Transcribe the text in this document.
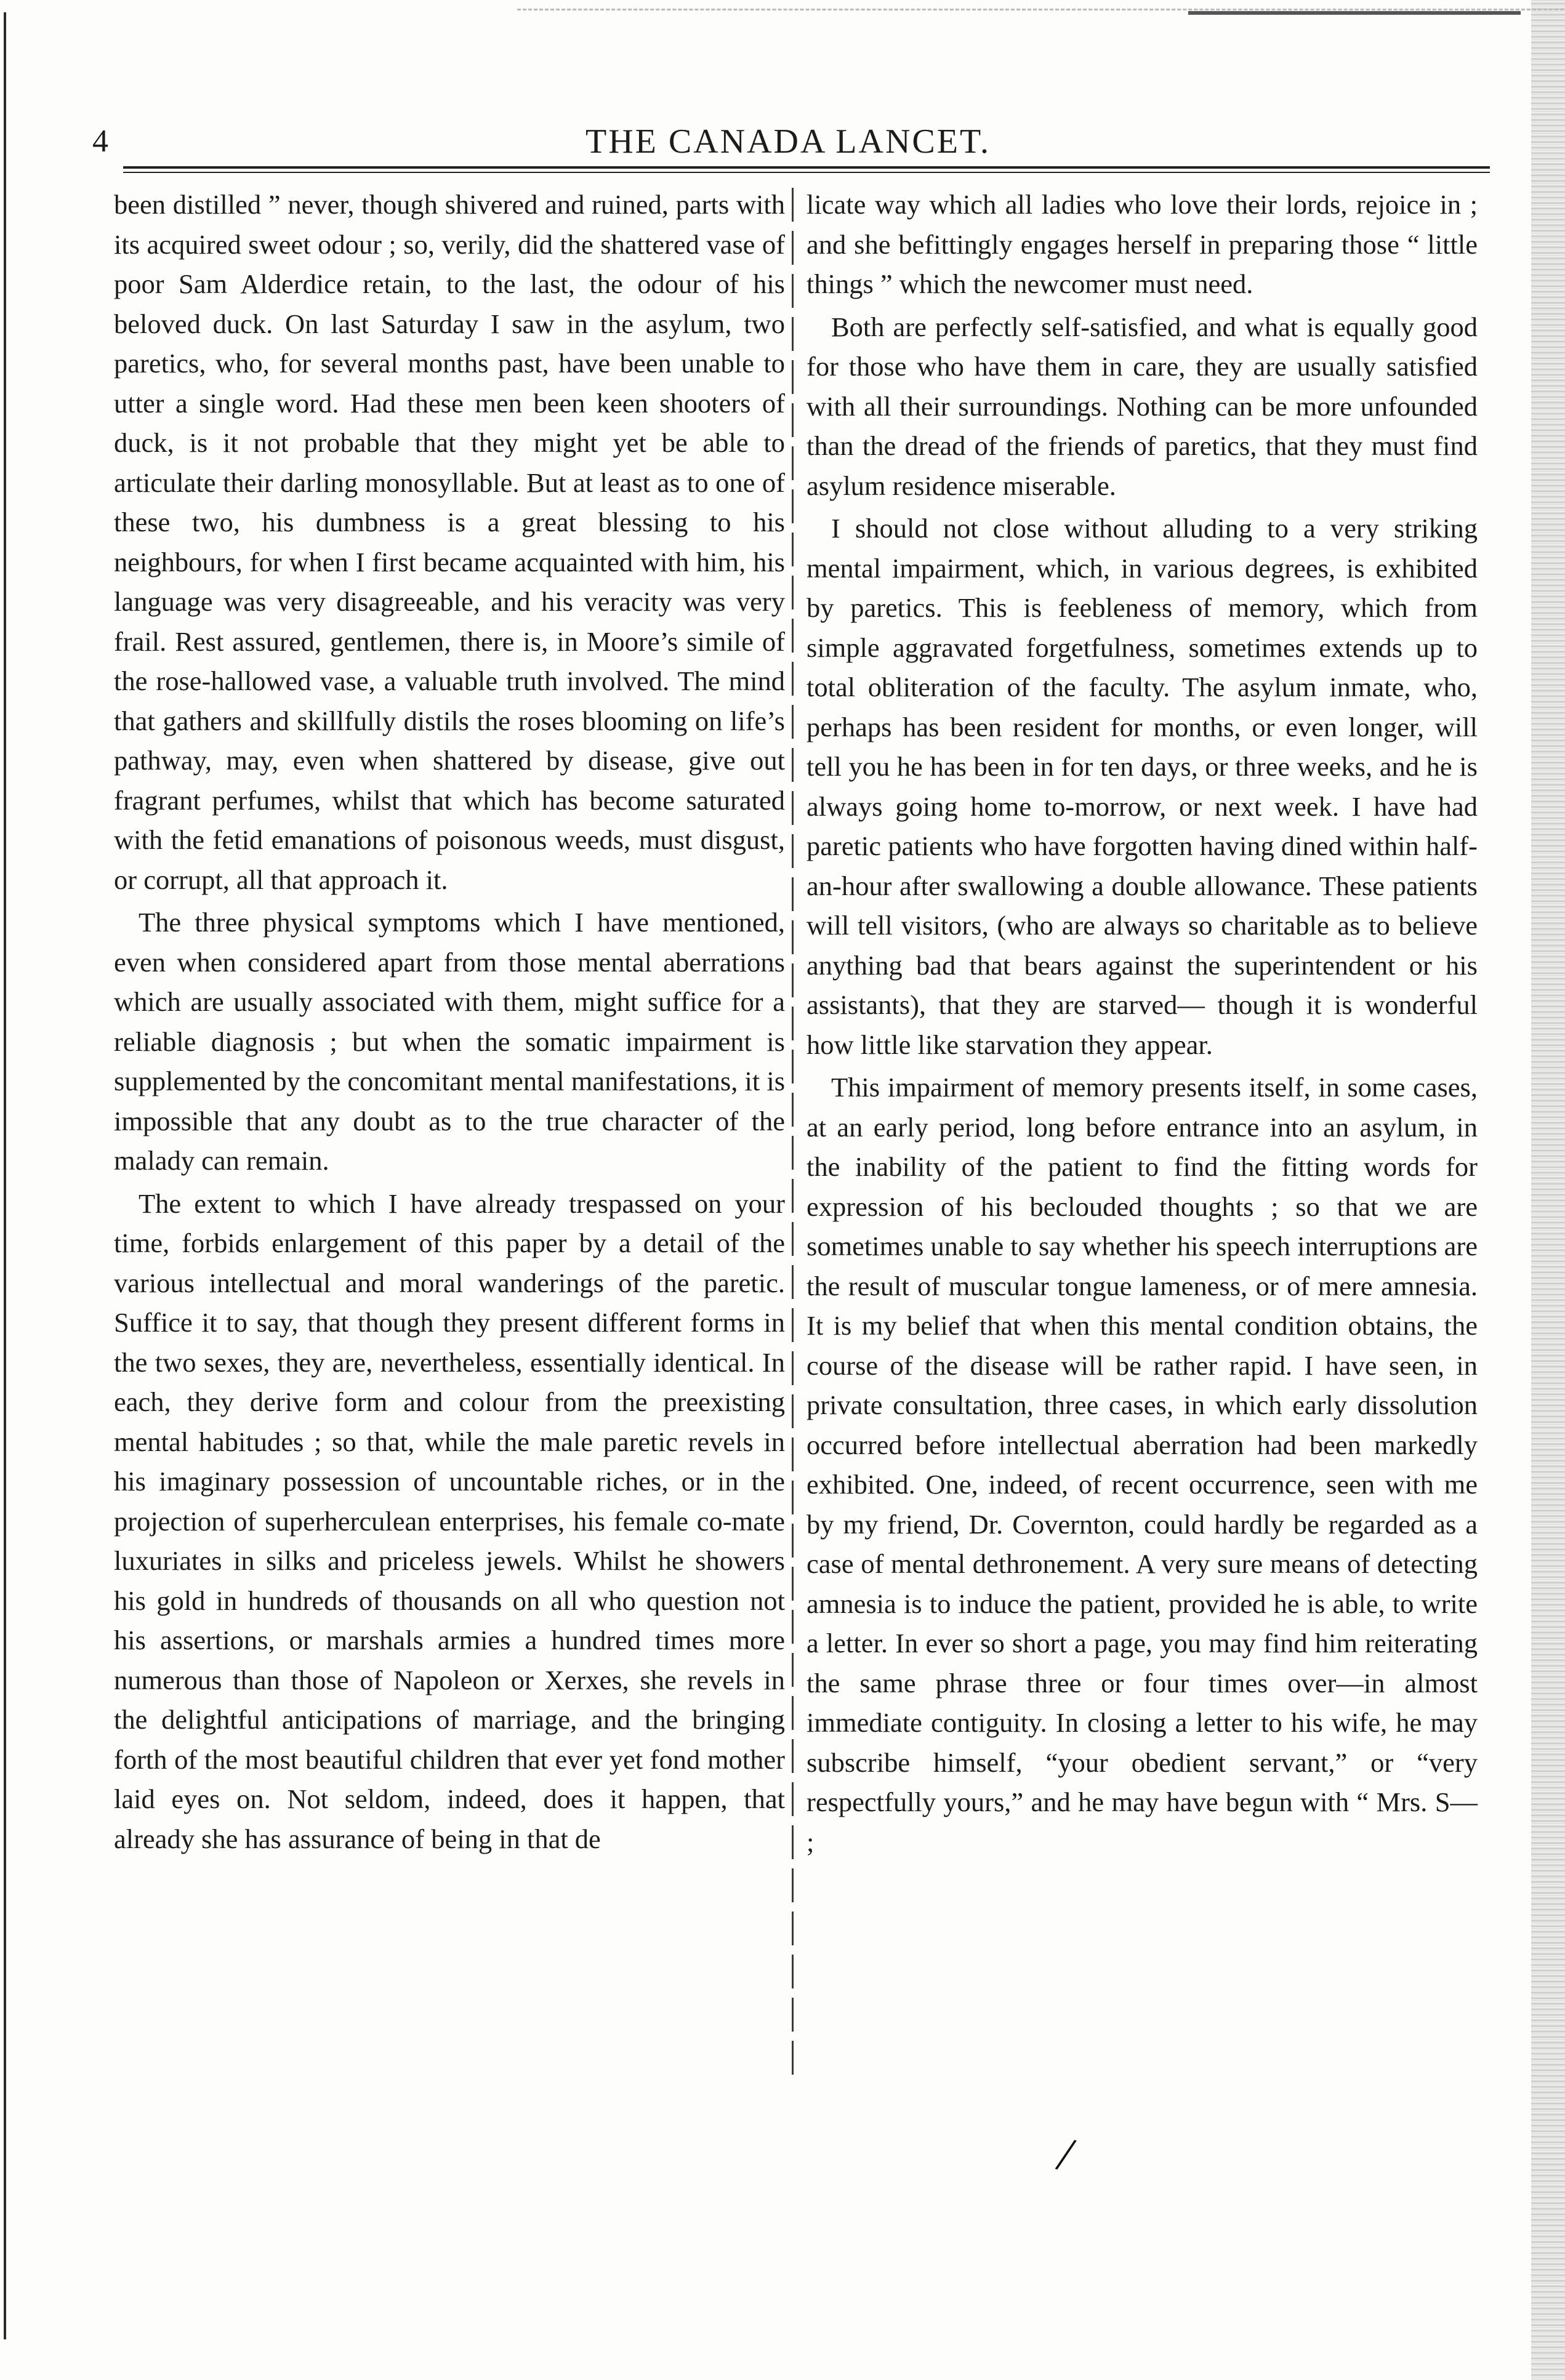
4	THE CANADA LANCET.

been distilled ” never, though shivered and ruined, parts with its acquired sweet odour ; so, verily, did the shattered vase of poor Sam Alderdice retain, to the last, the odour of his beloved duck. On last Saturday I saw in the asylum, two paretics, who, for several months past, have been unable to utter a single word. Had these men been keen shooters of duck, is it not probable that they might yet be able to articulate their darling monosyllable. But at least as to one of these two, his dumbness is a great blessing to his neighbours, for when I first became acquainted with him, his language was very disagreeable, and his veracity was very frail. Rest assured, gentlemen, there is, in Moore’s simile of the rose-hallowed vase, a valuable truth involved. The mind that gathers and skillfully distils the roses blooming on life’s pathway, may, even when shattered by disease, give out fragrant perfumes, whilst that which has become saturated with the fetid emanations of poisonous weeds, must disgust, or corrupt, all that approach it.

The three physical symptoms which I have mentioned, even when considered apart from those mental aberrations which are usually associated with them, might suffice for a reliable diagnosis ; but when the somatic impairment is supplemented by the concomitant mental manifestations, it is impossible that any doubt as to the true character of the malady can remain.

The extent to which I have already trespassed on your time, forbids enlargement of this paper by a detail of the various intellectual and moral wanderings of the paretic. Suffice it to say, that though they present different forms in the two sexes, they are, nevertheless, essentially identical. In each, they derive form and colour from the preexisting mental habitudes ; so that, while the male paretic revels in his imaginary possession of uncountable riches, or in the projection of superherculean enterprises, his female co-mate luxuriates in silks and priceless jewels. Whilst he showers his gold in hundreds of thousands on all who question not his assertions, or marshals armies a hundred times more numerous than those of Napoleon or Xerxes, she revels in the delightful anticipations of marriage, and the bringing forth of the most beautiful children that ever yet fond mother laid eyes on. Not seldom, indeed, does it happen, that already she has assurance of being in that de

licate way which all ladies who love their lords, rejoice in ; and she befittingly engages herself in preparing those “ little things ” which the newcomer must need.

Both are perfectly self-satisfied, and what is equally good for those who have them in care, they are usually satisfied with all their surroundings. Nothing can be more unfounded than the dread of the friends of paretics, that they must find asylum residence miserable.

I should not close without alluding to a very striking mental impairment, which, in various degrees, is exhibited by paretics. This is feebleness of memory, which from simple aggravated forgetfulness, sometimes extends up to total obliteration of the faculty. The asylum inmate, who, perhaps has been resident for months, or even longer, will tell you he has been in for ten days, or three weeks, and he is always going home to-morrow, or next week. I have had paretic patients who have forgotten having dined within half-an-hour after swallowing a double allowance. These patients will tell visitors, (who are always so charitable as to believe anything bad that bears against the superintendent or his assistants), that they are starved— though it is wonderful how little like starvation they appear.

This impairment of memory presents itself, in some cases, at an early period, long before entrance into an asylum, in the inability of the patient to find the fitting words for expression of his beclouded thoughts ; so that we are sometimes unable to say whether his speech interruptions are the result of muscular tongue lameness, or of mere amnesia. It is my belief that when this mental condition obtains, the course of the disease will be rather rapid. I have seen, in private consultation, three cases, in which early dissolution occurred before intellectual aberration had been markedly exhibited. One, indeed, of recent occurrence, seen with me by my friend, Dr. Covernton, could hardly be regarded as a case of mental dethronement. A very sure means of detecting amnesia is to induce the patient, provided he is able, to write a letter. In ever so short a page, you may find him reiterating the same phrase three or four times over—in almost immediate contiguity. In closing a letter to his wife, he may subscribe himself, “your obedient servant,” or “very respectfully yours,” and he may have begun with “ Mrs. S— ;

/
